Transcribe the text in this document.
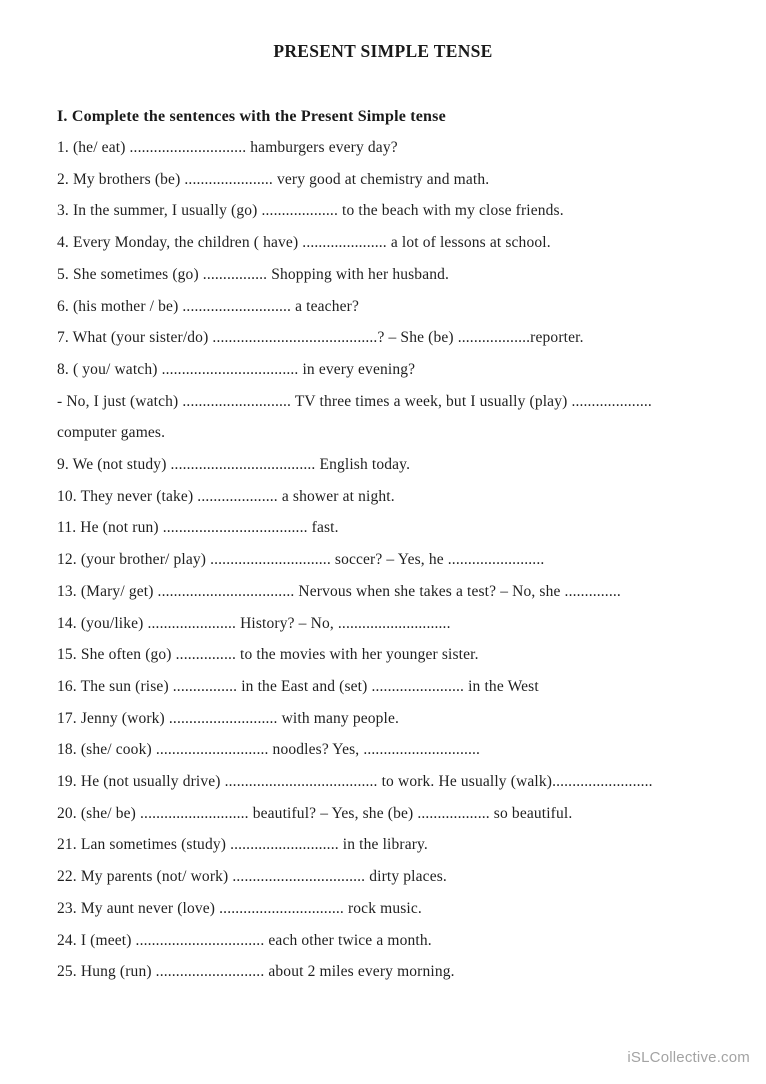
PRESENT SIMPLE TENSE
I. Complete the sentences with the Present Simple tense

1. (he/ eat) ............................. hamburgers every day?

2. My brothers (be) ...................... very good at chemistry and math.

3. In the summer, I usually (go) ................... to the beach with my close friends.

4. Every Monday, the children ( have) ..................... a lot of lessons at school.

5. She sometimes (go) ................ Shopping with her husband.

6. (his mother / be) ........................... a teacher?

7. What (your sister/do) .........................................? – She (be) ..................reporter.

8. ( you/ watch) .................................. in every evening?

- No, I just (watch) ........................... TV three times a week, but I usually (play) ....................

computer games.

9. We (not study) .................................... English today.

10. They never (take) .................... a shower at night.

11. He (not run) .................................... fast.

12. (your brother/ play) .............................. soccer? – Yes, he ........................

13. (Mary/ get) .................................. Nervous when she takes a test? – No, she ..............

14. (you/like) ...................... History? – No, ............................

15. She often (go) ............... to the movies with her younger sister.

16. The sun (rise) ................ in the East and (set) ....................... in the West

17. Jenny (work) ........................... with many people.

18. (she/ cook) ............................ noodles? Yes, .............................

19. He (not usually drive) ...................................... to work. He usually (walk).........................

20. (she/ be) ........................... beautiful? – Yes, she (be) .................. so beautiful.

21. Lan sometimes (study) ........................... in the library.

22. My parents (not/ work) ................................. dirty places.

23. My aunt never (love) ............................... rock music.

24. I (meet) ................................ each other twice a month.

25. Hung (run) ........................... about 2 miles every morning.

iSLCollective.com
